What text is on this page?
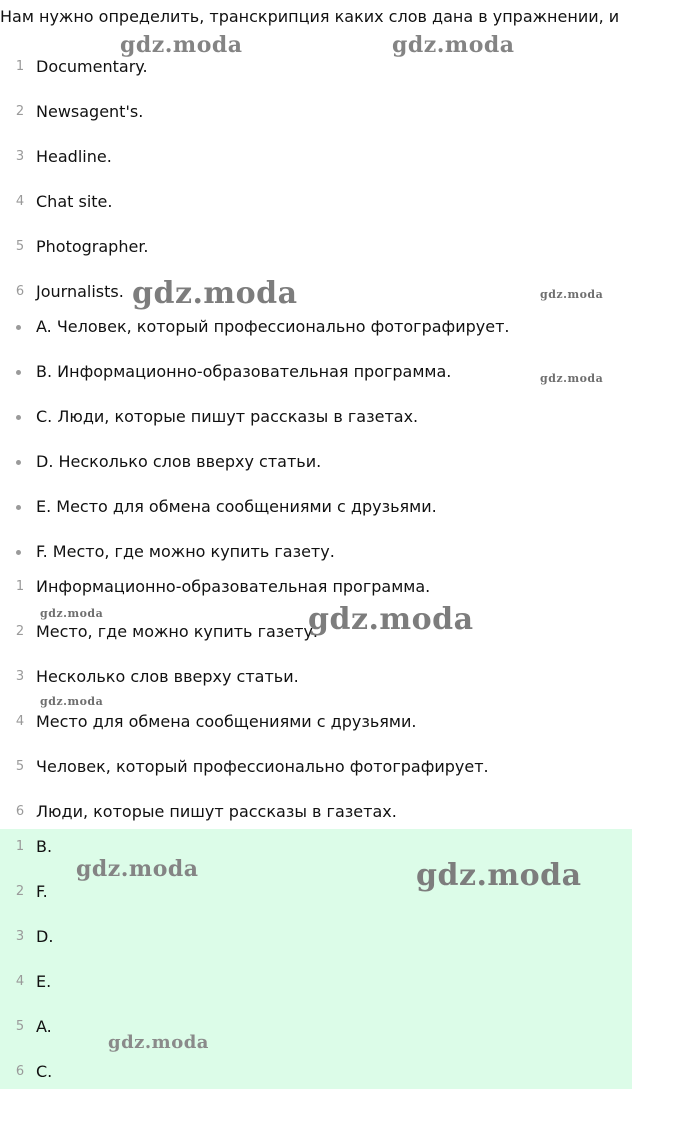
Нам нужно определить, транскрипция каких слов дана в упражнении, и
1 Documentary.
2 Newsagent's.
3 Headline.
4 Chat site.
5 Photographer.
6 Journalists.
A. Человек, который профессионально фотографирует.
B. Информационно-образовательная программа.
C. Люди, которые пишут рассказы в газетах.
D. Несколько слов вверху статьи.
E. Место для обмена сообщениями с друзьями.
F. Место, где можно купить газету.
1 Информационно-образовательная программа.
2 Место, где можно купить газету.
3 Несколько слов вверху статьи.
4 Место для обмена сообщениями с друзьями.
5 Человек, который профессионально фотографирует.
6 Люди, которые пишут рассказы в газетах.
1 B.
2 F.
3 D.
4 E.
5 A.
6 C.
gdz.moda	gdz.moda
gdz.moda	gdz.moda
gdz.moda
gdz.moda	gdz.moda
gdz.moda
gdz.moda	gdz.moda
gdz.moda
